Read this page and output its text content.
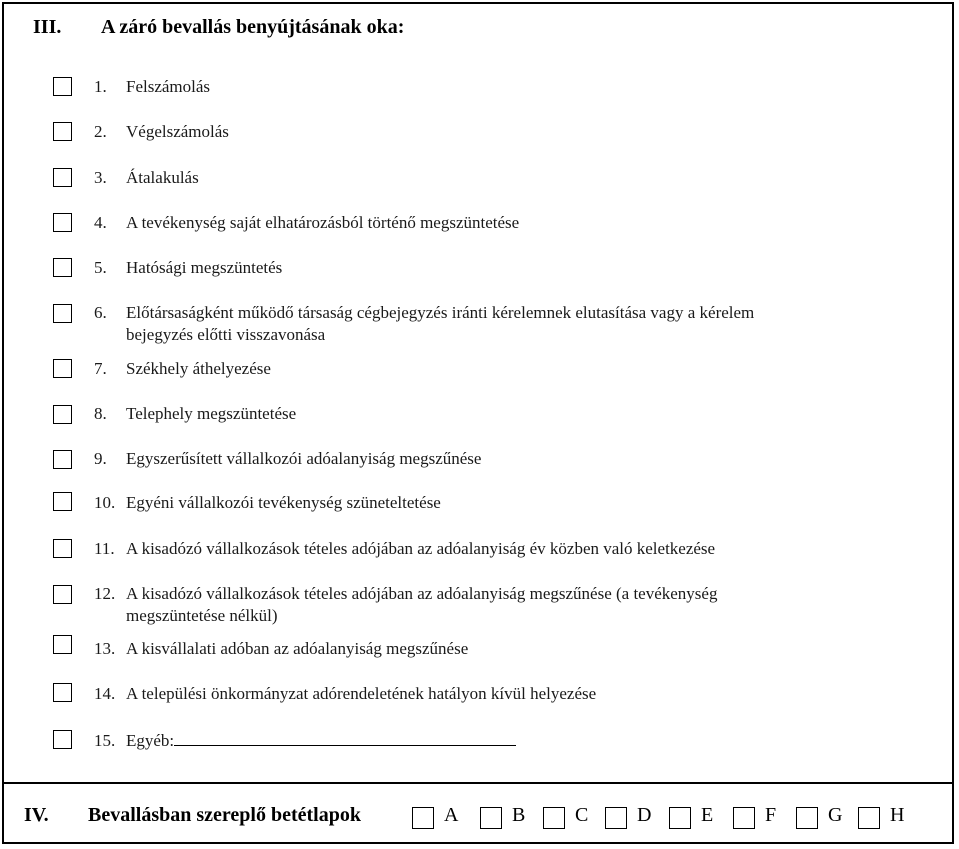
III.	A záró bevallás benyújtásának oka:
1. Felszámolás
2. Végelszámolás
3. Átalakulás
4. A tevékenység saját elhatározásból történő megszüntetése
5. Hatósági megszüntetés
6. Előtársaságként működő társaság cégbejegyzés iránti kérelemnek elutasítása vagy a kérelem
bejegyzés előtti visszavonása
7. Székhely áthelyezése
8. Telephely megszüntetése
9. Egyszerűsített vállalkozói adóalanyiság megszűnése
10. Egyéni vállalkozói tevékenység szüneteltetése
11. A kisadózó vállalkozások tételes adójában az adóalanyiság év közben való keletkezése
12. A kisadózó vállalkozások tételes adójában az adóalanyiság megszűnése (a tevékenység
megszüntetése nélkül)
13. A kisvállalati adóban az adóalanyiság megszűnése
14. A települési önkormányzat adórendeletének hatályon kívül helyezése
15. Egyéb:
IV. Bevallásban szereplő betétlapok	A	B C D E	F	G H
